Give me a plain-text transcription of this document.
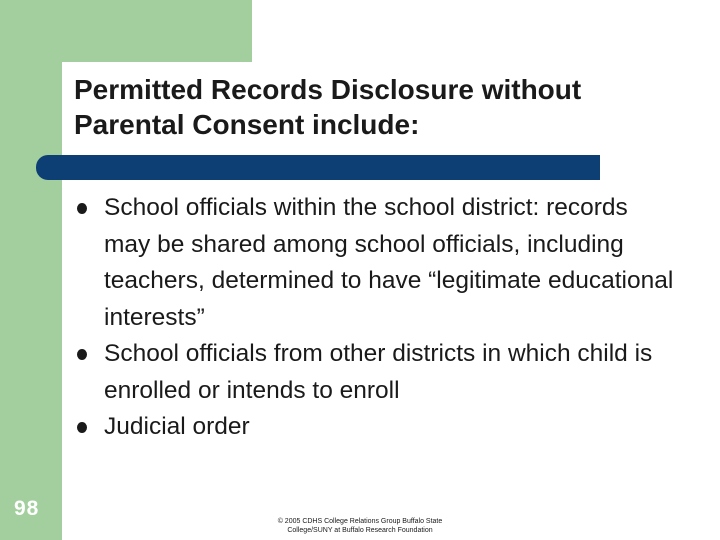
Permitted Records Disclosure without
Parental Consent include:
School officials within the school district: records may be shared among school officials, including teachers, determined to have “legitimate educational interests”
School officials from other districts in which child is enrolled or intends to enroll
Judicial order
98
© 2005 CDHS College Relations Group Buffalo State
College/SUNY at Buffalo Research Foundation
